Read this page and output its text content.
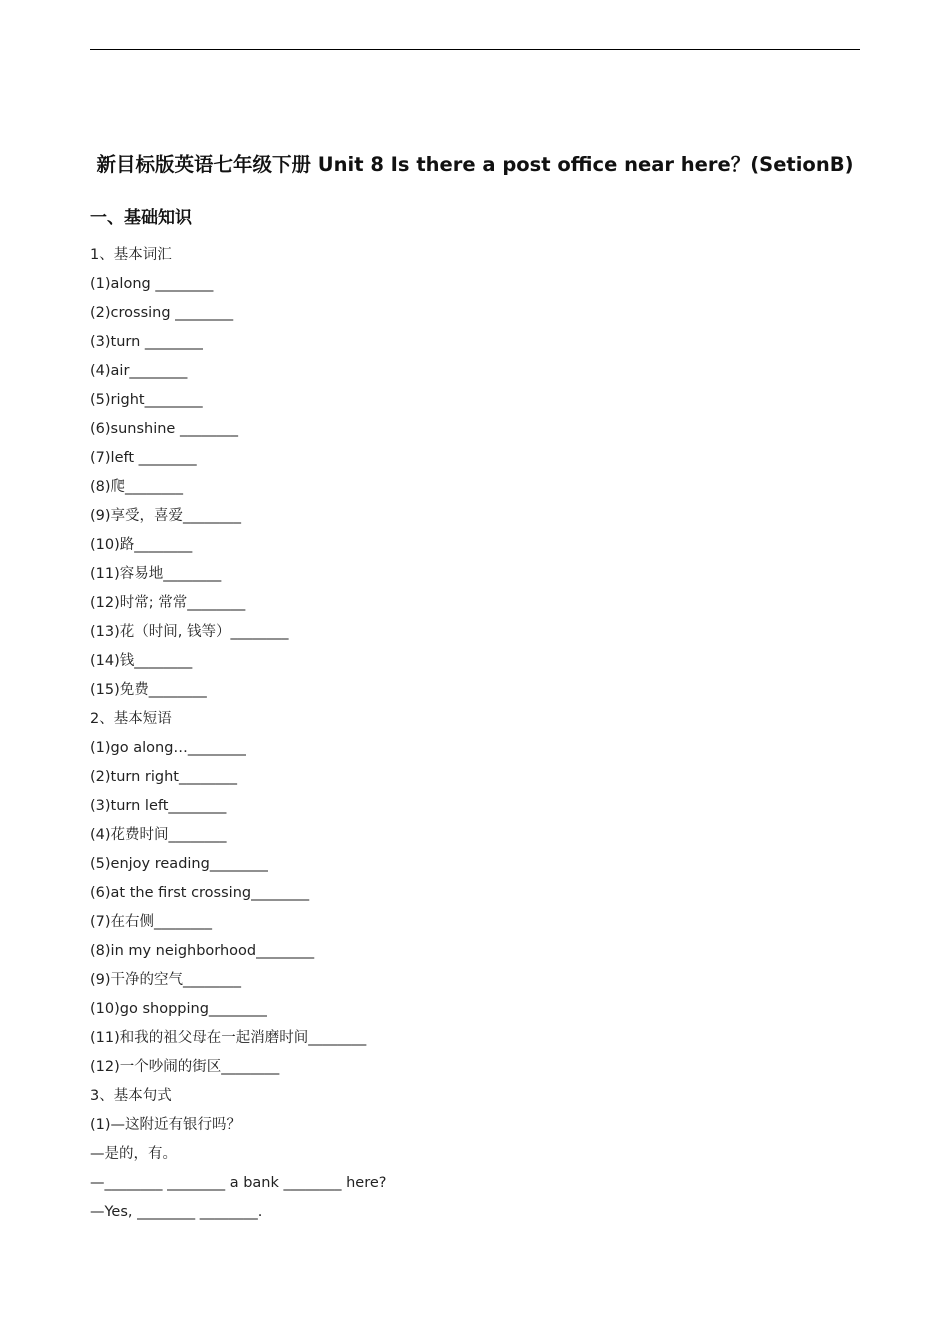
新目标版英语七年级下册 Unit 8 Is there a post office near here？(SetionB)
一、基础知识
1、基本词汇
(1)along ________
(2)crossing ________
(3)turn ________
(4)air________
(5)right________
(6)sunshine ________
(7)left ________
(8)爬________
(9)享受，喜爱________
(10)路________
(11)容易地________
(12)时常; 常常________
(13)花（时间, 钱等）________
(14)钱________
(15)免费________
2、基本短语
(1)go along…________
(2)turn right________
(3)turn left________
(4)花费时间________
(5)enjoy reading________
(6)at the first crossing________
(7)在右侧________
(8)in my neighborhood________
(9)干净的空气________
(10)go shopping________
(11)和我的祖父母在一起消磨时间________
(12)一个吵闹的街区________
3、基本句式
(1)—这附近有银行吗？
—是的，有。
—________ ________ a bank ________ here?
—Yes, ________ ________.
